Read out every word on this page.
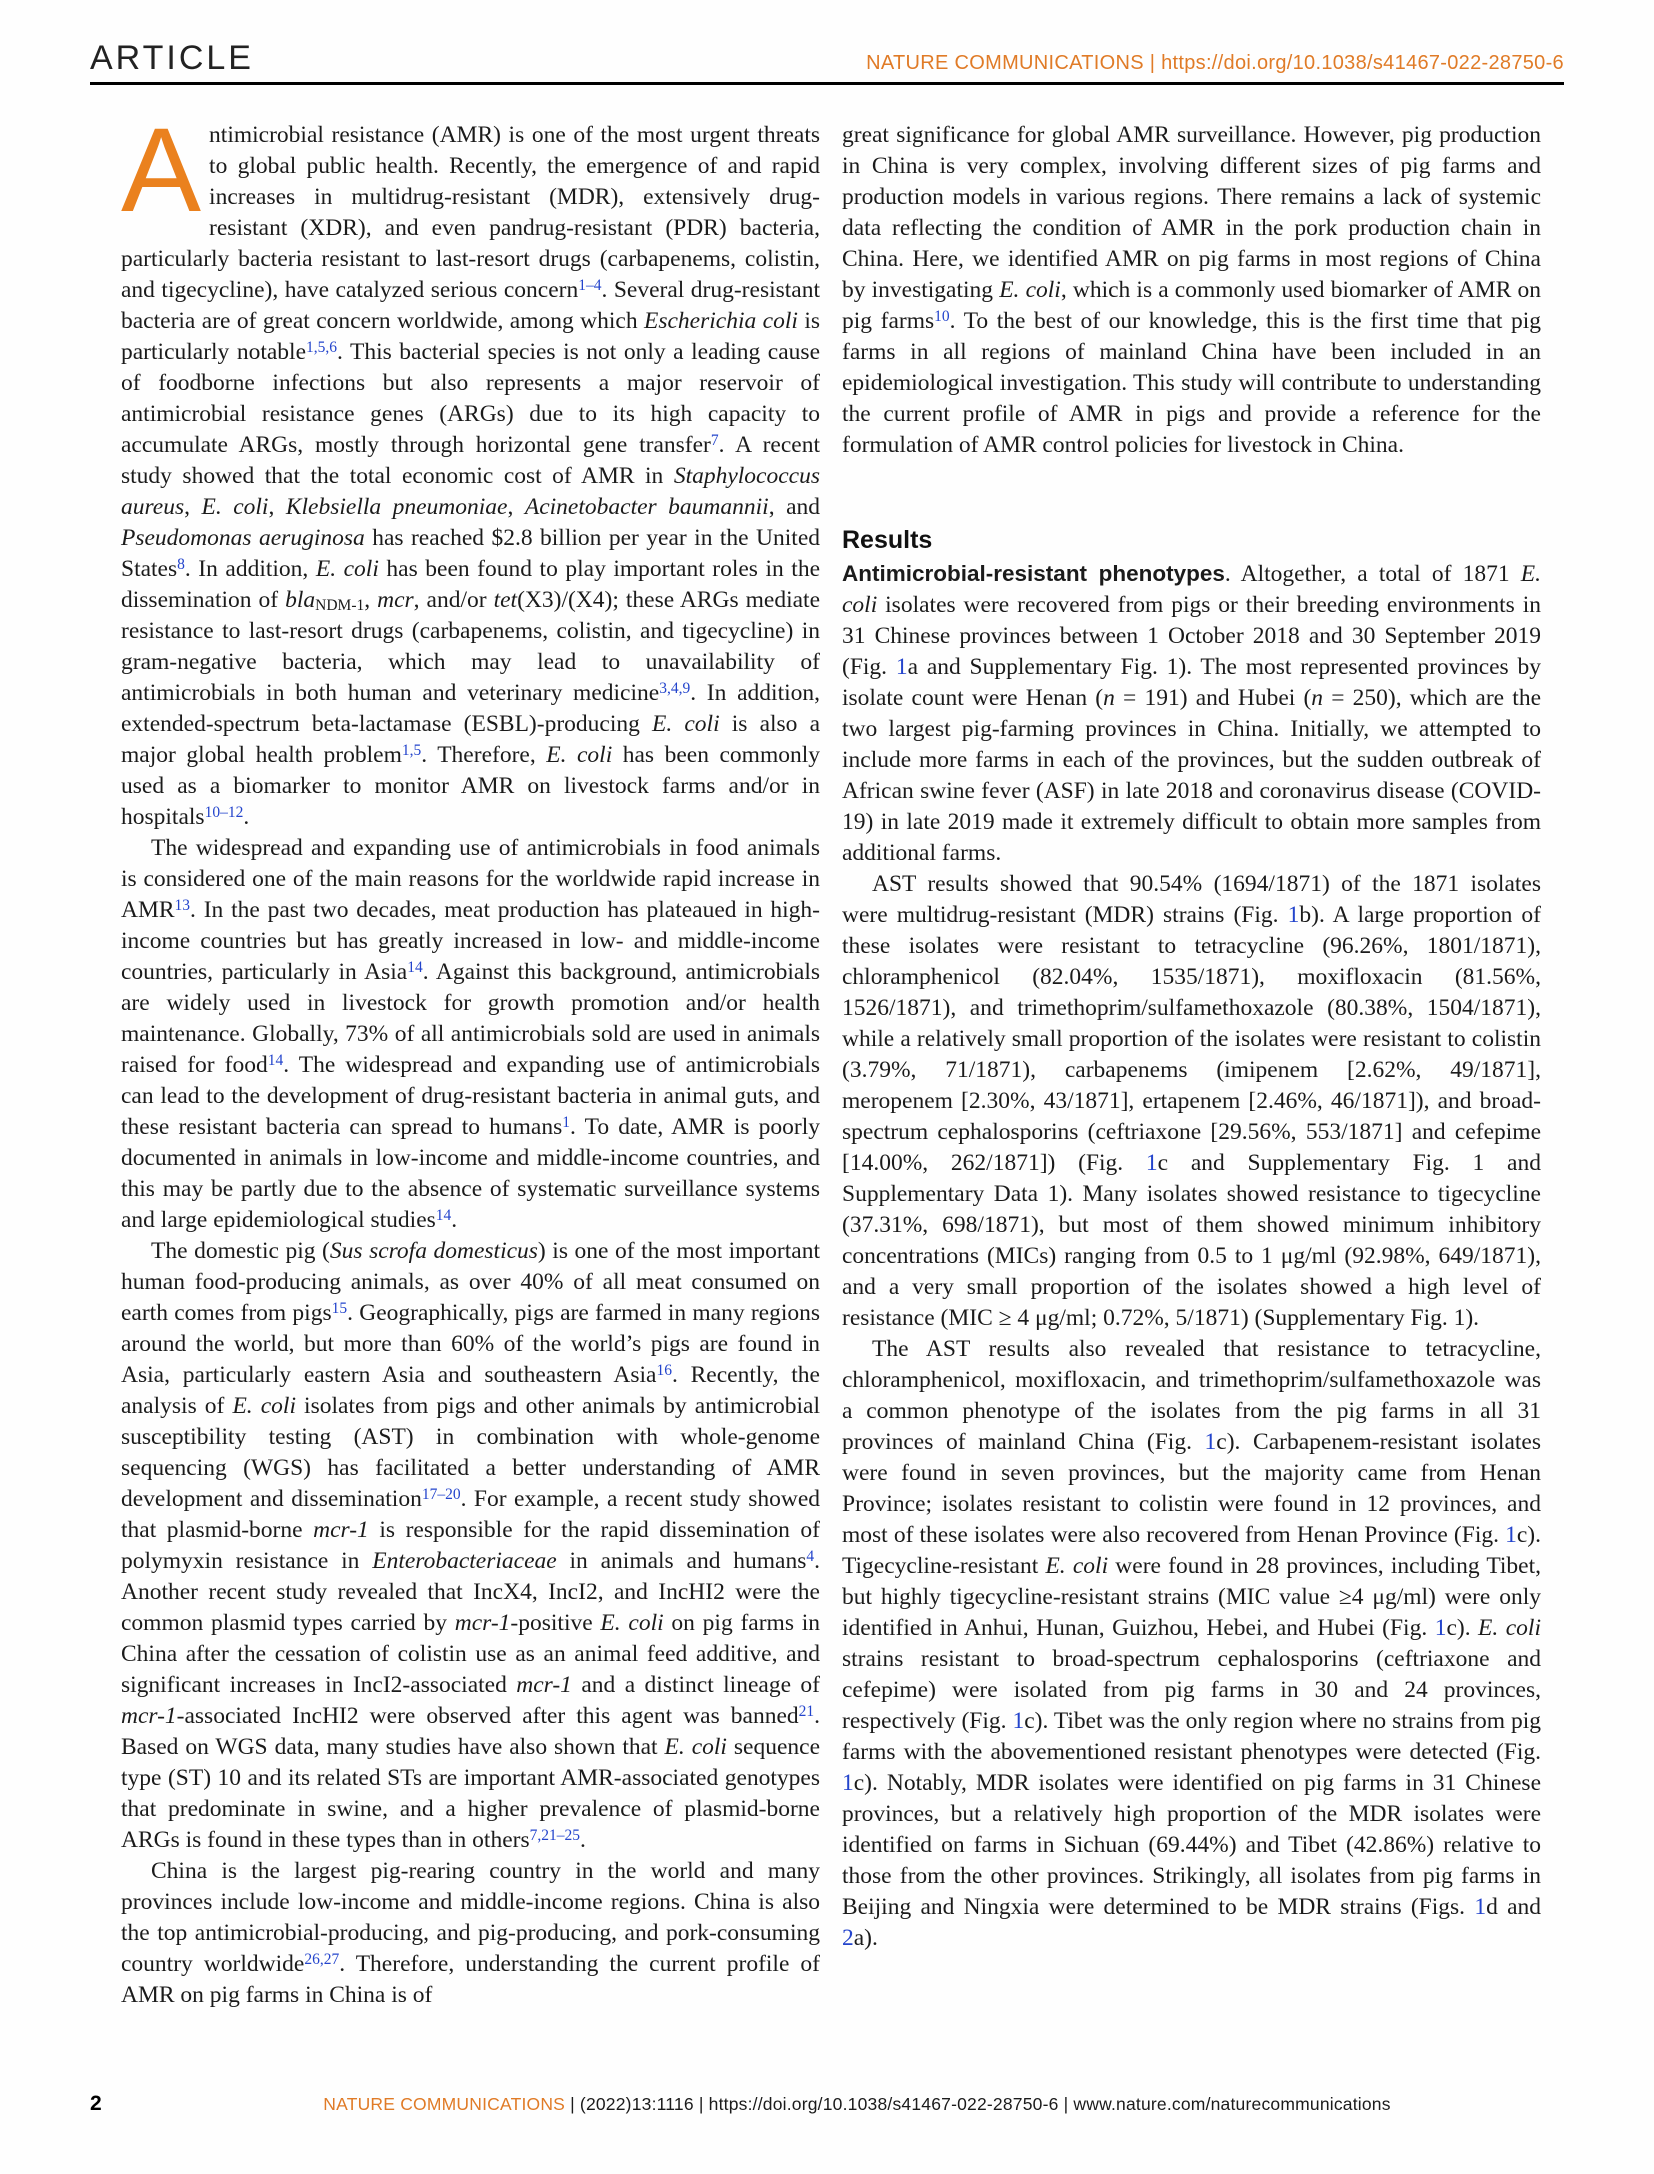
ARTICLE	NATURE COMMUNICATIONS | https://doi.org/10.1038/s41467-022-28750-6

Antimicrobial resistance (AMR) is one of the most urgent threats to global public health. Recently, the emergence of and rapid increases in multidrug-resistant (MDR), extensively drug-resistant (XDR), and even pandrug-resistant (PDR) bacteria, particularly bacteria resistant to last-resort drugs (carbapenems, colistin, and tigecycline), have catalyzed serious concern$^{1-4}$. Several drug-resistant bacteria are of great concern worldwide, among which Escherichia coli is particularly notable$^{1,5,6}$. This bacterial species is not only a leading cause of foodborne infections but also represents a major reservoir of antimicrobial resistance genes (ARGs) due to its high capacity to accumulate ARGs, mostly through horizontal gene transfer$^7$. A recent study showed that the total economic cost of AMR in Staphylococcus aureus, E. coli, Klebsiella pneumoniae, Acinetobacter baumannii, and Pseudomonas aeruginosa has reached $2.8 billion per year in the United States$^8$. In addition, E. coli has been found to play important roles in the dissemination of bla$_{NDM-1}$, mcr, and/or tet(X3)/(X4); these ARGs mediate resistance to last-resort drugs (carbapenems, colistin, and tigecycline) in gram-negative bacteria, which may lead to unavailability of antimicrobials in both human and veterinary medicine$^{3,4,9}$. In addition, extended-spectrum beta-lactamase (ESBL)-producing E. coli is also a major global health problem$^{1,5}$. Therefore, E. coli has been commonly used as a biomarker to monitor AMR on livestock farms and/or in hospitals$^{10-12}$.

The widespread and expanding use of antimicrobials in food animals is considered one of the main reasons for the worldwide rapid increase in AMR$^{13}$. In the past two decades, meat production has plateaued in high-income countries but has greatly increased in low- and middle-income countries, particularly in Asia$^{14}$. Against this background, antimicrobials are widely used in livestock for growth promotion and/or health maintenance. Globally, 73% of all antimicrobials sold are used in animals raised for food$^{14}$. The widespread and expanding use of antimicrobials can lead to the development of drug-resistant bacteria in animal guts, and these resistant bacteria can spread to humans$^1$. To date, AMR is poorly documented in animals in low-income and middle-income countries, and this may be partly due to the absence of systematic surveillance systems and large epidemiological studies$^{14}$.

The domestic pig (Sus scrofa domesticus) is one of the most important human food-producing animals, as over 40% of all meat consumed on earth comes from pigs$^{15}$. Geographically, pigs are farmed in many regions around the world, but more than 60% of the world’s pigs are found in Asia, particularly eastern Asia and southeastern Asia$^{16}$. Recently, the analysis of E. coli isolates from pigs and other animals by antimicrobial susceptibility testing (AST) in combination with whole-genome sequencing (WGS) has facilitated a better understanding of AMR development and dissemination$^{17-20}$. For example, a recent study showed that plasmid-borne mcr-1 is responsible for the rapid dissemination of polymyxin resistance in Enterobacteriaceae in animals and humans$^4$. Another recent study revealed that IncX4, IncI2, and IncHI2 were the common plasmid types carried by mcr-1-positive E. coli on pig farms in China after the cessation of colistin use as an animal feed additive, and significant increases in IncI2-associated mcr-1 and a distinct lineage of mcr-1-associated IncHI2 were observed after this agent was banned$^{21}$. Based on WGS data, many studies have also shown that E. coli sequence type (ST) 10 and its related STs are important AMR-associated genotypes that predominate in swine, and a higher prevalence of plasmid-borne ARGs is found in these types than in others$^{7,21-25}$.

China is the largest pig-rearing country in the world and many provinces include low-income and middle-income regions. China is also the top antimicrobial-producing, and pig-producing, and pork-consuming country worldwide$^{26,27}$. Therefore, understanding the current profile of AMR on pig farms in China is of

great significance for global AMR surveillance. However, pig production in China is very complex, involving different sizes of pig farms and production models in various regions. There remains a lack of systemic data reflecting the condition of AMR in the pork production chain in China. Here, we identified AMR on pig farms in most regions of China by investigating E. coli, which is a commonly used biomarker of AMR on pig farms$^{10}$. To the best of our knowledge, this is the first time that pig farms in all regions of mainland China have been included in an epidemiological investigation. This study will contribute to understanding the current profile of AMR in pigs and provide a reference for the formulation of AMR control policies for livestock in China.

Results

Antimicrobial-resistant phenotypes. Altogether, a total of 1871 E. coli isolates were recovered from pigs or their breeding environments in 31 Chinese provinces between 1 October 2018 and 30 September 2019 (Fig. 1a and Supplementary Fig. 1). The most represented provinces by isolate count were Henan (n = 191) and Hubei (n = 250), which are the two largest pig-farming provinces in China. Initially, we attempted to include more farms in each of the provinces, but the sudden outbreak of African swine fever (ASF) in late 2018 and coronavirus disease (COVID-19) in late 2019 made it extremely difficult to obtain more samples from additional farms.

AST results showed that 90.54% (1694/1871) of the 1871 isolates were multidrug-resistant (MDR) strains (Fig. 1b). A large proportion of these isolates were resistant to tetracycline (96.26%, 1801/1871), chloramphenicol (82.04%, 1535/1871), moxifloxacin (81.56%, 1526/1871), and trimethoprim/sulfamethoxazole (80.38%, 1504/1871), while a relatively small proportion of the isolates were resistant to colistin (3.79%, 71/1871), carbapenems (imipenem [2.62%, 49/1871], meropenem [2.30%, 43/1871], ertapenem [2.46%, 46/1871]), and broad-spectrum cephalosporins (ceftriaxone [29.56%, 553/1871] and cefepime [14.00%, 262/1871]) (Fig. 1c and Supplementary Fig. 1 and Supplementary Data 1). Many isolates showed resistance to tigecycline (37.31%, 698/1871), but most of them showed minimum inhibitory concentrations (MICs) ranging from 0.5 to 1 μg/ml (92.98%, 649/1871), and a very small proportion of the isolates showed a high level of resistance (MIC ≥ 4 μg/ml; 0.72%, 5/1871) (Supplementary Fig. 1).

The AST results also revealed that resistance to tetracycline, chloramphenicol, moxifloxacin, and trimethoprim/sulfamethoxazole was a common phenotype of the isolates from the pig farms in all 31 provinces of mainland China (Fig. 1c). Carbapenem-resistant isolates were found in seven provinces, but the majority came from Henan Province; isolates resistant to colistin were found in 12 provinces, and most of these isolates were also recovered from Henan Province (Fig. 1c). Tigecycline-resistant E. coli were found in 28 provinces, including Tibet, but highly tigecycline-resistant strains (MIC value ≥4 μg/ml) were only identified in Anhui, Hunan, Guizhou, Hebei, and Hubei (Fig. 1c). E. coli strains resistant to broad-spectrum cephalosporins (ceftriaxone and cefepime) were isolated from pig farms in 30 and 24 provinces, respectively (Fig. 1c). Tibet was the only region where no strains from pig farms with the abovementioned resistant phenotypes were detected (Fig. 1c). Notably, MDR isolates were identified on pig farms in 31 Chinese provinces, but a relatively high proportion of the MDR isolates were identified on farms in Sichuan (69.44%) and Tibet (42.86%) relative to those from the other provinces. Strikingly, all isolates from pig farms in Beijing and Ningxia were determined to be MDR strains (Figs. 1d and 2a).

2	NATURE COMMUNICATIONS | (2022)13:1116 | https://doi.org/10.1038/s41467-022-28750-6 | www.nature.com/naturecommunications
